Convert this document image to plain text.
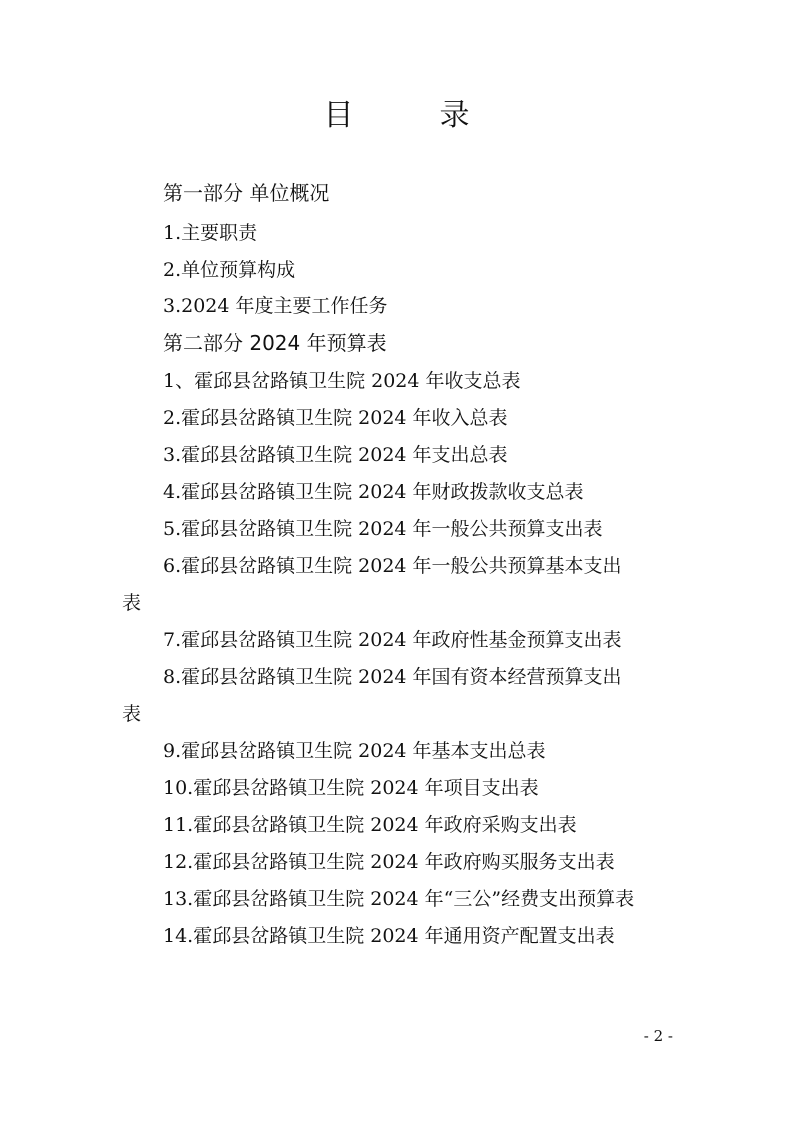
目　录
第一部分 单位概况
1.主要职责
2.单位预算构成
3.2024 年度主要工作任务
第二部分 2024 年预算表
1、霍邱县岔路镇卫生院 2024 年收支总表
2.霍邱县岔路镇卫生院 2024 年收入总表
3.霍邱县岔路镇卫生院 2024 年支出总表
4.霍邱县岔路镇卫生院 2024 年财政拨款收支总表
5.霍邱县岔路镇卫生院 2024 年一般公共预算支出表
6.霍邱县岔路镇卫生院 2024 年一般公共预算基本支出
表
7.霍邱县岔路镇卫生院 2024 年政府性基金预算支出表
8.霍邱县岔路镇卫生院 2024 年国有资本经营预算支出
表
9.霍邱县岔路镇卫生院 2024 年基本支出总表
10.霍邱县岔路镇卫生院 2024 年项目支出表
11.霍邱县岔路镇卫生院 2024 年政府采购支出表
12.霍邱县岔路镇卫生院 2024 年政府购买服务支出表
13.霍邱县岔路镇卫生院 2024 年“三公”经费支出预算表
14.霍邱县岔路镇卫生院 2024 年通用资产配置支出表
- 2 -
